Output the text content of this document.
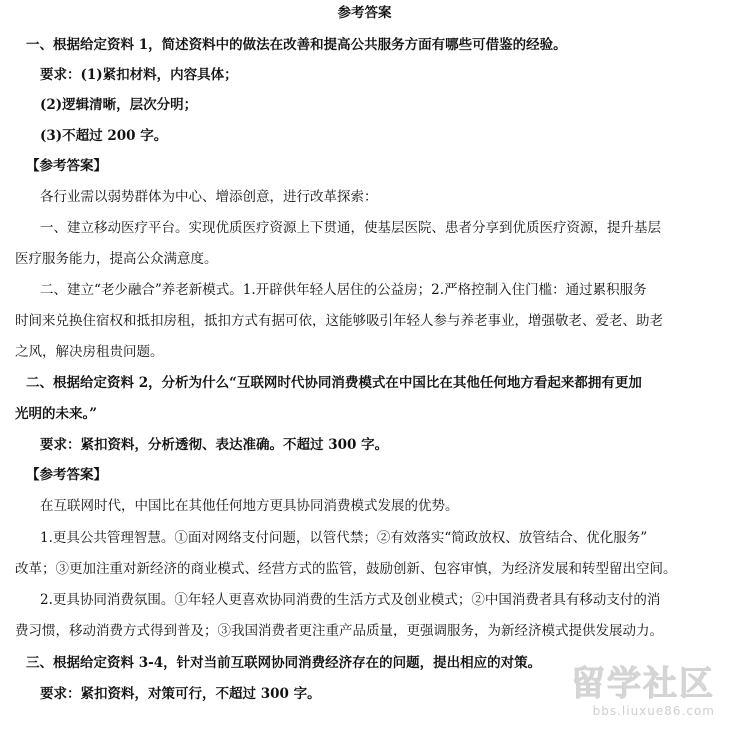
参考答案
一、根据给定资料 1，简述资料中的做法在改善和提高公共服务方面有哪些可借鉴的经验。
要求：(1)紧扣材料，内容具体；
(2)逻辑清晰，层次分明；
(3)不超过 200 字。
【参考答案】
各行业需以弱势群体为中心、增添创意，进行改革探索：
一、建立移动医疗平台。实现优质医疗资源上下贯通，使基层医院、患者分享到优质医疗资源，提升基层
医疗服务能力，提高公众满意度。
二、建立“老少融合”养老新模式。1.开辟供年轻人居住的公益房；2.严格控制入住门槛：通过累积服务
时间来兑换住宿权和抵扣房租，抵扣方式有据可依，这能够吸引年轻人参与养老事业，增强敬老、爱老、助老
之风，解决房租贵问题。
二、根据给定资料 2，分析为什么“互联网时代协同消费模式在中国比在其他任何地方看起来都拥有更加
光明的未来。”
要求：紧扣资料，分析透彻、表达准确。不超过 300 字。
【参考答案】
在互联网时代，中国比在其他任何地方更具协同消费模式发展的优势。
1.更具公共管理智慧。①面对网络支付问题，以管代禁；②有效落实“简政放权、放管结合、优化服务”
改革；③更加注重对新经济的商业模式、经营方式的监管，鼓励创新、包容审慎，为经济发展和转型留出空间。
2.更具协同消费氛围。①年轻人更喜欢协同消费的生活方式及创业模式；②中国消费者具有移动支付的消
费习惯，移动消费方式得到普及；③我国消费者更注重产品质量，更强调服务，为新经济模式提供发展动力。
三、根据给定资料 3-4，针对当前互联网协同消费经济存在的问题，提出相应的对策。
要求：紧扣资料，对策可行，不超过 300 字。	留学社区
bbs.liuxue86.com
